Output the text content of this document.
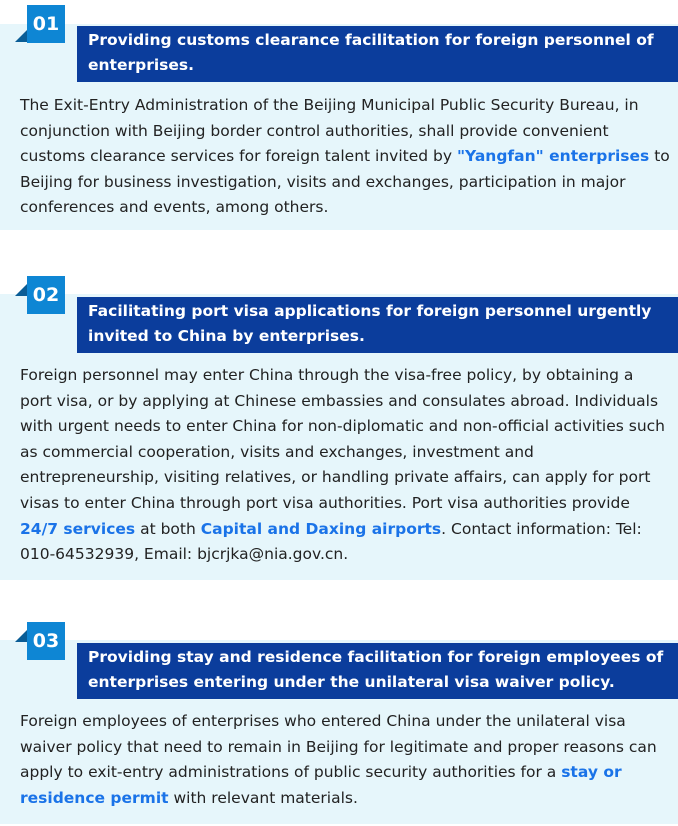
01
Providing customs clearance facilitation for foreign personnel of enterprises.

The Exit-Entry Administration of the Beijing Municipal Public Security Bureau, in conjunction with Beijing border control authorities, shall provide convenient customs clearance services for foreign talent invited by "Yangfan" enterprises to Beijing for business investigation, visits and exchanges, participation in major conferences and events, among others.

02
Facilitating port visa applications for foreign personnel urgently invited to China by enterprises.

Foreign personnel may enter China through the visa-free policy, by obtaining a port visa, or by applying at Chinese embassies and consulates abroad. Individuals with urgent needs to enter China for non-diplomatic and non-official activities such as commercial cooperation, visits and exchanges, investment and entrepreneurship, visiting relatives, or handling private affairs, can apply for port visas to enter China through port visa authorities. Port visa authorities provide 24/7 services at both Capital and Daxing airports. Contact information: Tel: 010-64532939, Email: bjcrjka@nia.gov.cn.

03
Providing stay and residence facilitation for foreign employees of enterprises entering under the unilateral visa waiver policy.

Foreign employees of enterprises who entered China under the unilateral visa waiver policy that need to remain in Beijing for legitimate and proper reasons can apply to exit-entry administrations of public security authorities for a stay or residence permit with relevant materials.
